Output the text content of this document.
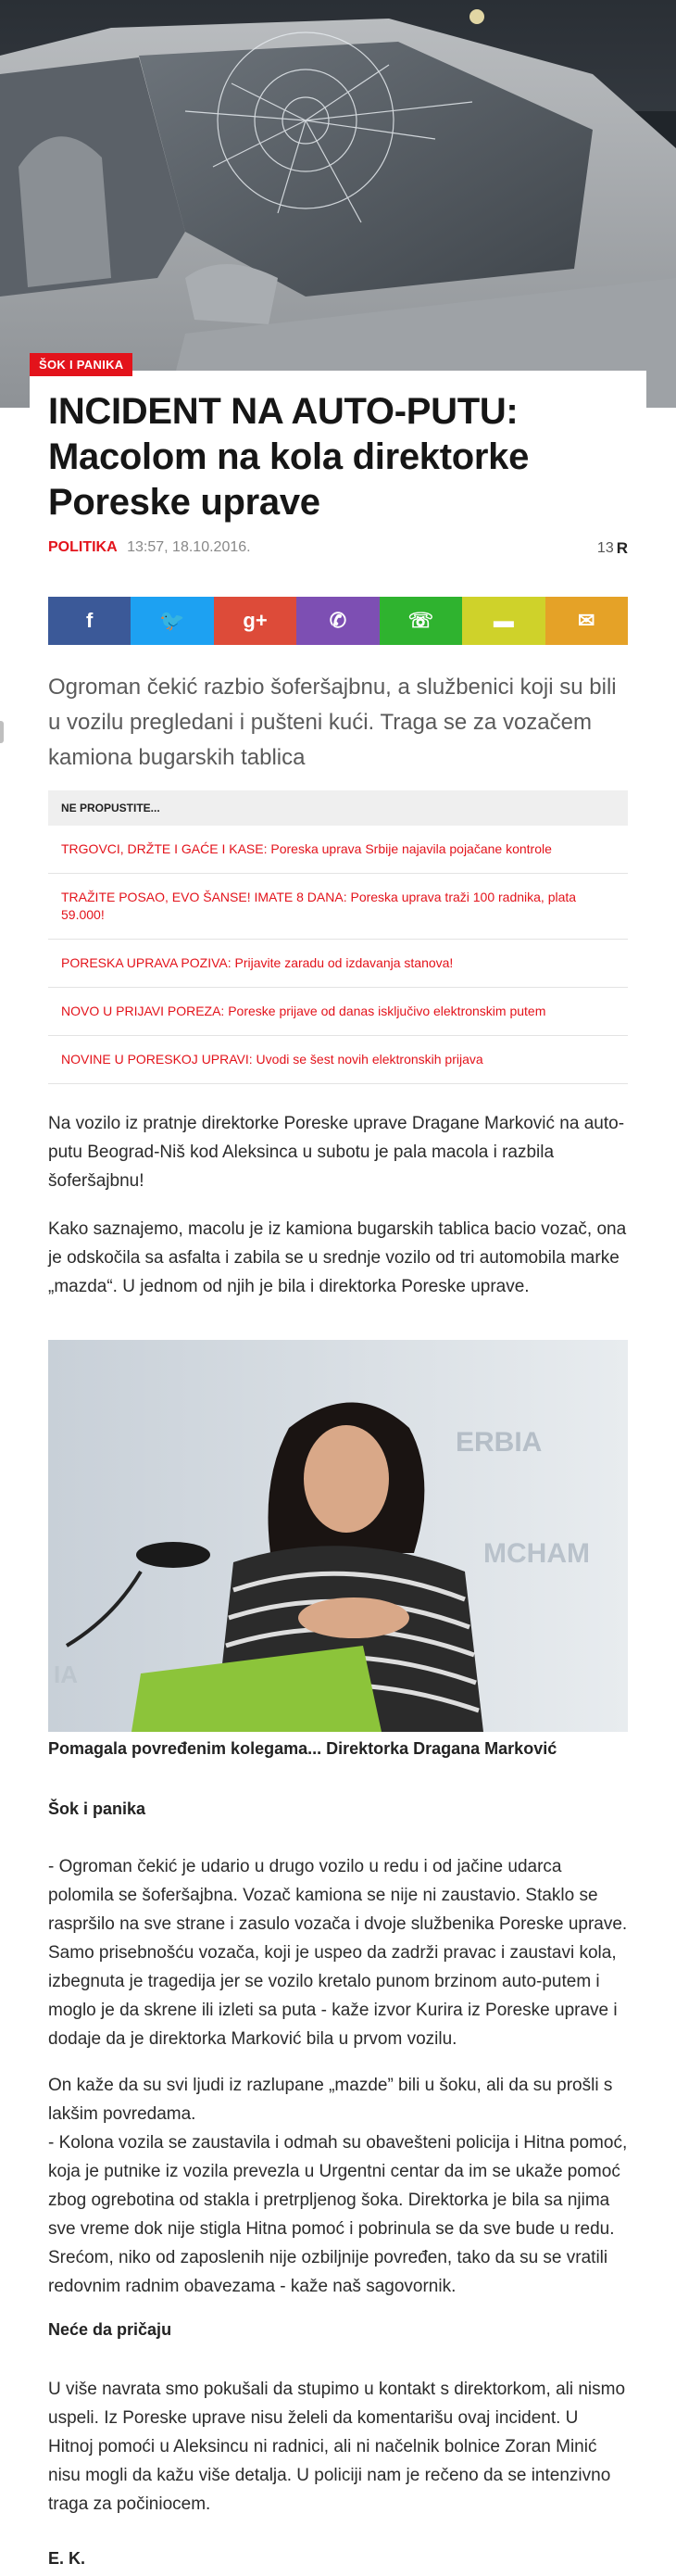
INCIDENT NA AUTO-PUTU: Macolom na kola direktorke Poreske uprave
ŠOK I PANIKA
POLITIKA 13:57, 18.10.2016.	13 R
f	🐦	g+	✆	☏	▬	✉

Ogroman čekić razbio šoferšajbnu, a službenici koji su bili u vozilu pregledani i pušteni kući. Traga se za vozačem kamiona bugarskih tablica

NE PROPUSTITE...
TRGOVCI, DRŽTE I GAĆE I KASE: Poreska uprava Srbije najavila pojačane kontrole
TRAŽITE POSAO, EVO ŠANSE! IMATE 8 DANA: Poreska uprava traži 100 radnika, plata 59.000!
PORESKA UPRAVA POZIVA: Prijavite zaradu od izdavanja stanova!
NOVO U PRIJAVI POREZA: Poreske prijave od danas isključivo elektronskim putem
NOVINE U PORESKOJ UPRAVI: Uvodi se šest novih elektronskih prijava

Na vozilo iz pratnje direktorke Poreske uprave Dragane Marković na auto-putu Beograd-Niš kod Aleksinca u subotu je pala macola i razbila šoferšajbnu!

Kako saznajemo, macolu je iz kamiona bugarskih tablica bacio vozač, ona je odskočila sa asfalta i zabila se u srednje vozilo od tri automobila marke „mazda“. U jednom od njih je bila i direktorka Poreske uprave.

ERBIA
MCHAM
IA
Pomagala povređenim kolegama... Direktorka Dragana Marković
Šok i panika

- Ogroman čekić je udario u drugo vozilo u redu i od jačine udarca polomila se šoferšajbna. Vozač kamiona se nije ni zaustavio. Staklo se raspršilo na sve strane i zasulo vozača i dvoje službenika Poreske uprave. Samo prisebnošću vozača, koji je uspeo da zadrži pravac i zaustavi kola, izbegnuta je tragedija jer se vozilo kretalo punom brzinom auto-putem i moglo je da skrene ili izleti sa puta - kaže izvor Kurira iz Poreske uprave i dodaje da je direktorka Marković bila u prvom vozilu.

On kaže da su svi ljudi iz razlupane „mazde” bili u šoku, ali da su prošli s lakšim povredama.

- Kolona vozila se zaustavila i odmah su obavešteni policija i Hitna pomoć, koja je putnike iz vozila prevezla u Urgentni centar da im se ukaže pomoć zbog ogrebotina od stakla i pretrpljenog šoka. Direktorka je bila sa njima sve vreme dok nije stigla Hitna pomoć i pobrinula se da sve bude u redu. Srećom, niko od zaposlenih nije ozbiljnije povređen, tako da su se vratili redovnim radnim obavezama - kaže naš sagovornik.

Neće da pričaju

U više navrata smo pokušali da stupimo u kontakt s direktorkom, ali nismo uspeli. Iz Poreske uprave nisu želeli da komentarišu ovaj incident. U Hitnoj pomoći u Aleksincu ni radnici, ali ni načelnik bolnice Zoran Minić nisu mogli da kažu više detalja. U policiji nam je rečeno da se intenzivno traga za počiniocem.

E. K.
